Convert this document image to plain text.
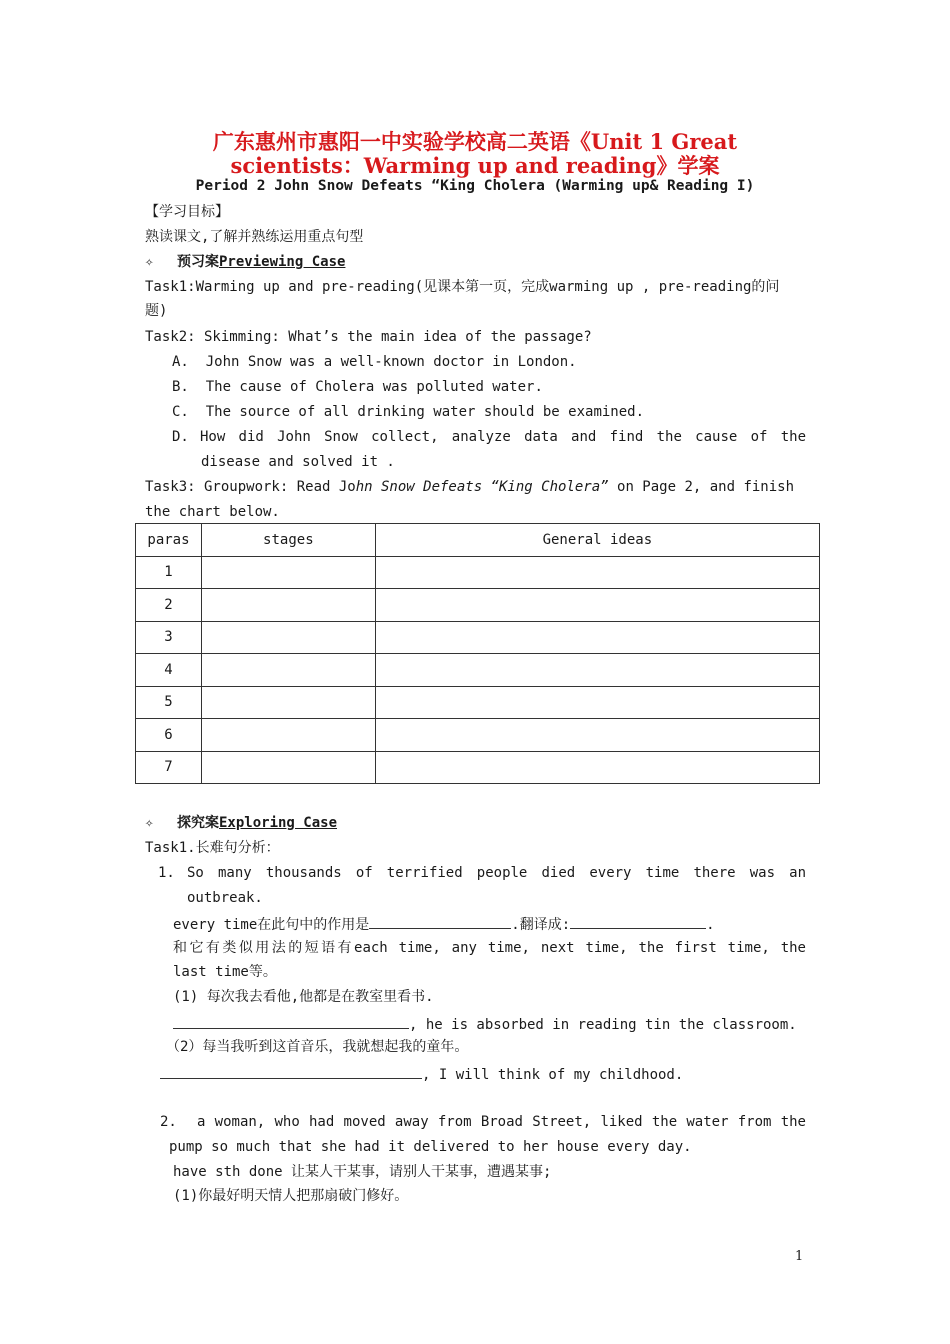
广东惠州市惠阳一中实验学校高二英语《Unit 1 Great
scientists：Warming up and reading》学案
Period 2 John Snow Defeats “King Cholera (Warming up& Reading I)
【学习目标】
熟读课文,了解并熟练运用重点句型
✧ 预习案Previewing Case
Task1:Warming up and pre-reading(见课本第一页，完成warming up , pre-reading的问
题)
Task2: Skimming: What’s the main idea of the passage?
A. John Snow was a well-known doctor in London.
B. The cause of Cholera was polluted water.
C. The source of all drinking water should be examined.
D. How did John Snow collect, analyze data and find the cause of the
disease and solved it .
Task3: Groupwork: Read John Snow Defeats “King Cholera” on Page 2, and finish
the chart below.
paras	stages	General ideas
1		
2		
3		
4		
5		
6		
7		
✧ 探究案Exploring Case
Task1.长难句分析：
1. So many thousands of terrified people died every time there was an
outbreak.
every time在此句中的作用是	.翻译成:	.
和它有类似用法的短语有each time, any time, next time, the first time, the
last time等。
(1) 每次我去看他,他都是在教室里看书.
, he is absorbed in reading tin the classroom.
（2）每当我听到这首音乐，我就想起我的童年。
, I will think of my childhood.
2. a woman, who had moved away from Broad Street, liked the water from the
pump so much that she had it delivered to her house every day.
have sth done 让某人干某事，请别人干某事，遭遇某事;
(1)你最好明天情人把那扇破门修好。
1
